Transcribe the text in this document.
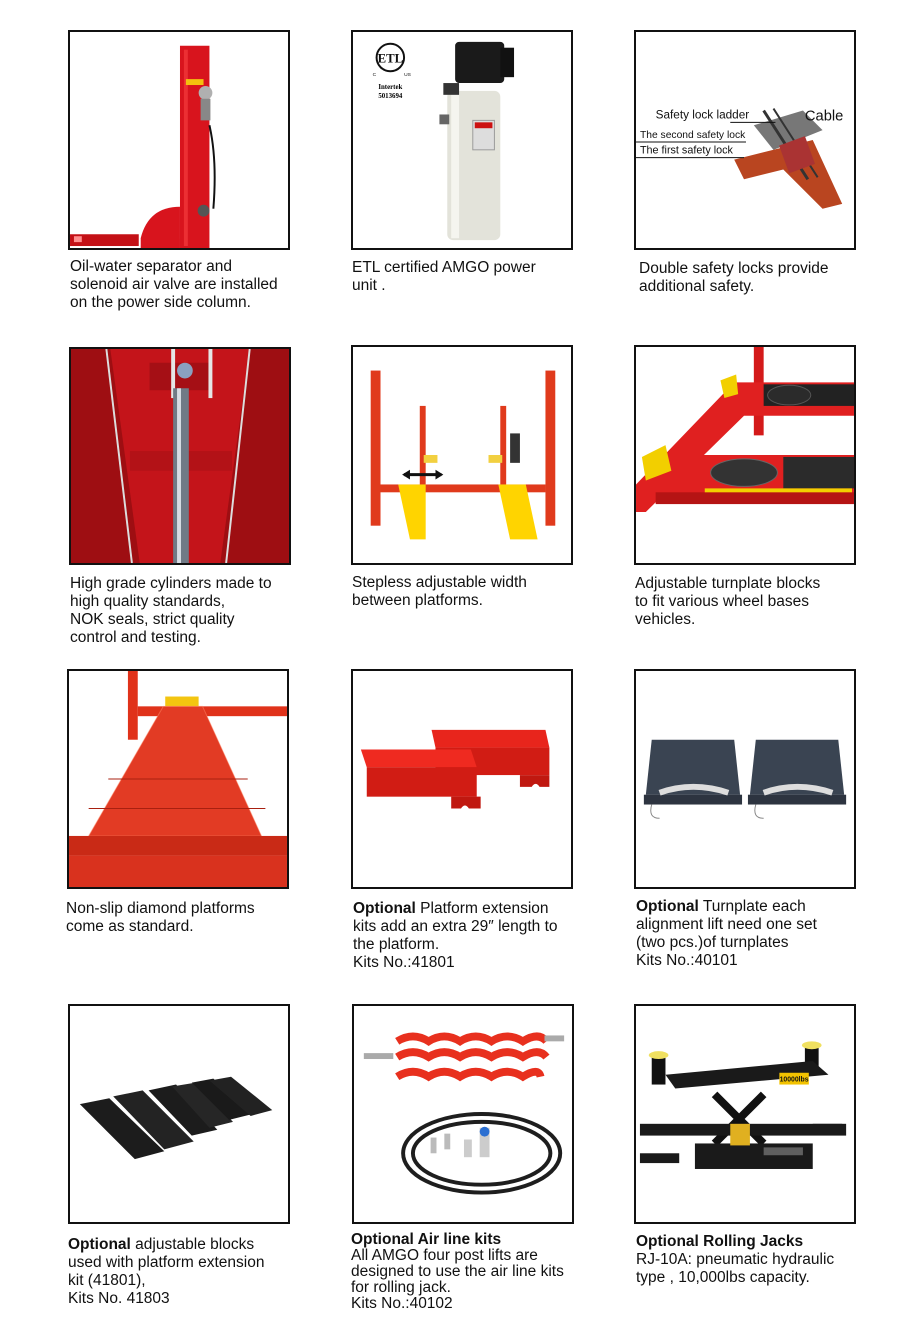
Oil-water separator and
solenoid air valve are installed
on the power side column.
ETL
C	US
Intertek
5013694
ETL certified AMGO power
unit .
Safety lock ladder	Cable
The second safety lock
The first safety lock
Double safety locks provide
additional safety.
High grade cylinders made to
high quality standards,
NOK seals, strict quality
control and testing.
Stepless adjustable width
between platforms.
Adjustable turnplate blocks
to fit various wheel bases
vehicles.
Non-slip diamond platforms
come as standard.
Optional Platform extension
kits add an extra 29″ length to
the platform.
Kits No.:41801
Optional Turnplate each
alignment lift need one set
(two pcs.)of turnplates
Kits No.:40101
Optional adjustable blocks
used with platform extension
kit (41801),
Kits No. 41803
Optional Air line kits
All AMGO four post lifts are
designed to use the air line kits
for rolling jack.
Kits No.:40102
10000lbs
Optional Rolling Jacks
RJ-10A: pneumatic hydraulic
type , 10,000lbs capacity.
